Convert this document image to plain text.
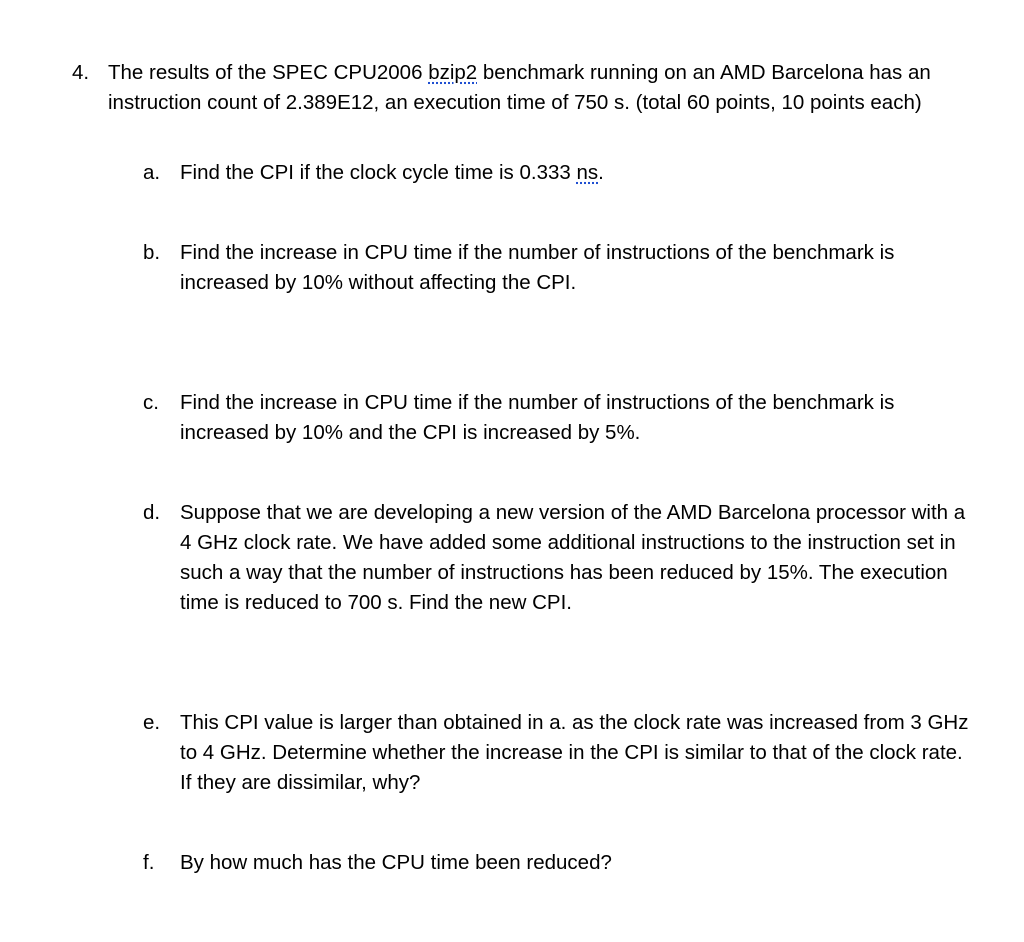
4. The results of the SPEC CPU2006 bzip2 benchmark running on an AMD Barcelona has an instruction count of 2.389E12, an execution time of 750 s. (total 60 points, 10 points each)
a. Find the CPI if the clock cycle time is 0.333 ns.
b. Find the increase in CPU time if the number of instructions of the benchmark is increased by 10% without affecting the CPI.
c. Find the increase in CPU time if the number of instructions of the benchmark is increased by 10% and the CPI is increased by 5%.
d. Suppose that we are developing a new version of the AMD Barcelona processor with a 4 GHz clock rate. We have added some additional instructions to the instruction set in such a way that the number of instructions has been reduced by 15%. The execution time is reduced to 700 s. Find the new CPI.
e. This CPI value is larger than obtained in a. as the clock rate was increased from 3 GHz to 4 GHz. Determine whether the increase in the CPI is similar to that of the clock rate. If they are dissimilar, why?
f. By how much has the CPU time been reduced?
